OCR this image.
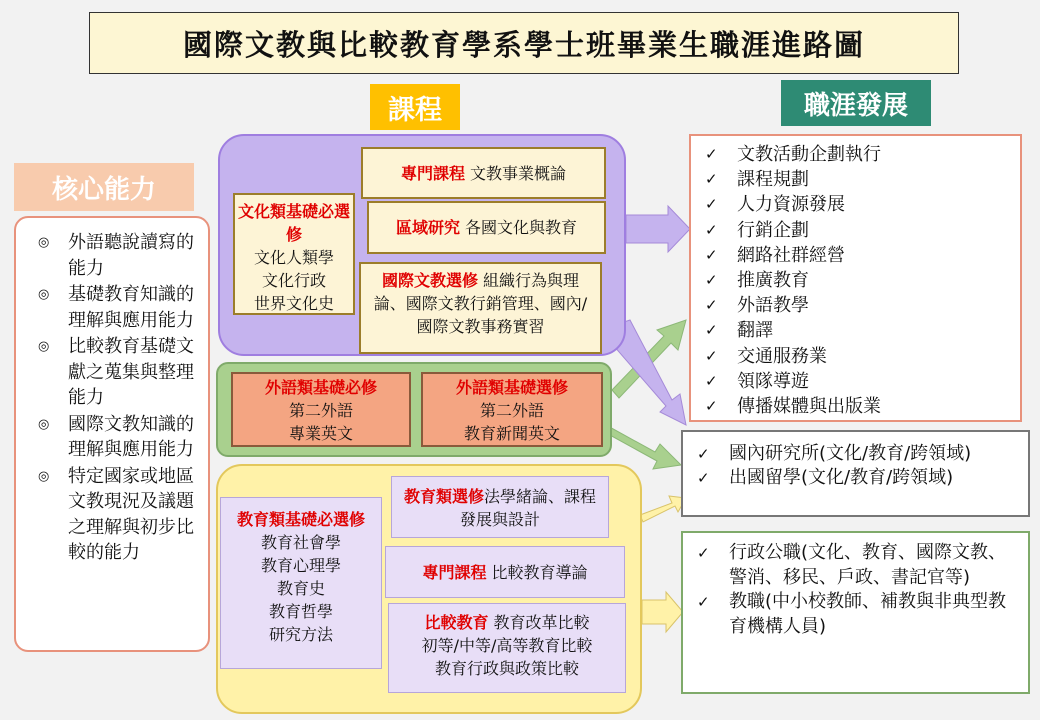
國際文教與比較教育學系學士班畢業生職涯進路圖
課程	職涯發展
核心能力
◎	外語聽說讀寫的能力
◎	基礎教育知識的理解與應用能力
◎	比較教育基礎文獻之蒐集與整理能力
◎	國際文教知識的理解與應用能力
◎	特定國家或地區文教現況及議題之理解與初步比較的能力
文化類基礎必選修
文化人類學
文化行政
世界文化史
專門課程
文教事業概論
區域研究
各國文化與教育
國際文教選修 組織行為與理論、國際文教行銷管理、國內/國際文教事務實習
外語類基礎必修
第二外語
專業英文
外語類基礎選修
第二外語
教育新聞英文
教育類基礎必選修
教育社會學
教育心理學
教育史
教育哲學
研究方法
教育類選修法學緒論、課程發展與設計
專門課程
比較教育導論
比較教育 教育改革比較
初等/中等/高等教育比較
教育行政與政策比較
✓	文教活動企劃執行
✓	課程規劃
✓	人力資源發展
✓	行銷企劃
✓	網路社群經營
✓	推廣教育
✓	外語教學
✓	翻譯
✓	交通服務業
✓	領隊導遊
✓	傳播媒體與出版業
✓	國內研究所(文化/教育/跨領域)
✓	出國留學(文化/教育/跨領域)
✓	行政公職(文化、教育、國際文教、警消、移民、戶政、書記官等)
✓	教職(中小校教師、補教與非典型教育機構人員)
